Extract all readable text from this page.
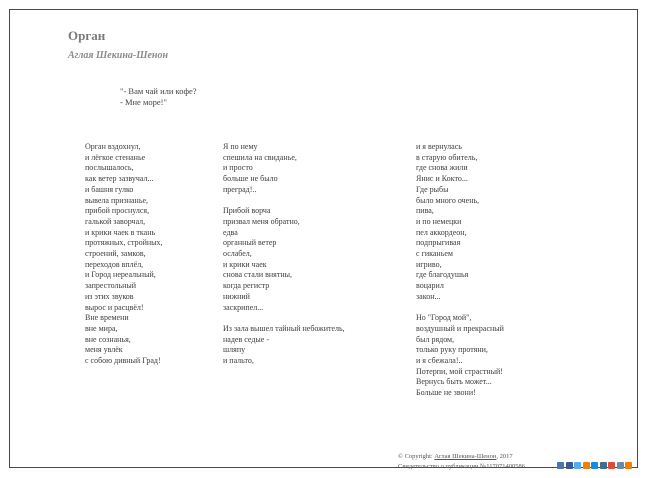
Орган
Аглая Шекина-Шенон
"- Вам чай или кофе?
- Мне море!"
Орган вздохнул,
и лёгкое стенанье
послышалось,
как ветер зазвучал...
и башня гулко
вывела признанье,
прибой проснулся,
галькой заворчал,
и крики чаек в ткань
протяжных, стройных,
строений, замков,
переходов вплёл,
и Город нереальный,
запрестольный
из этих звуков
вырос и расцвёл!
Вне времени
вне мира,
вне сознанья,
меня увлёк
с собою дивный Град!
Я по нему
спешила на свиданье,
и просто
больше не было
преград!..
Прибой ворча
призвал меня обратно,
едва
органный ветер
ослабел,
и крики чаек
снова стали внятны,
когда регистр
нижний
заскрипел...
Из зала вышел тайный небожитель,
надев седые -
шляпу
и пальто,
и я вернулась
в старую обитель,
где снова жили
Янис и Кокто...
Где рыбы
было много очень,
пива,
и по немецки
пел аккордеон,
подпрыгивая
с гиканьем
игриво,
где благодушья
воцарил
закон...
Но "Город мой",
воздушный и прекрасный
был рядом,
только руку протяни,
и я сбежала!..
Потерпи, мой страстный!
Вернусь быть может...
Больше не звони!
© Copyright: Аглая Шекина-Шенон, 2017
Свидетельство о публикации №117071400586
